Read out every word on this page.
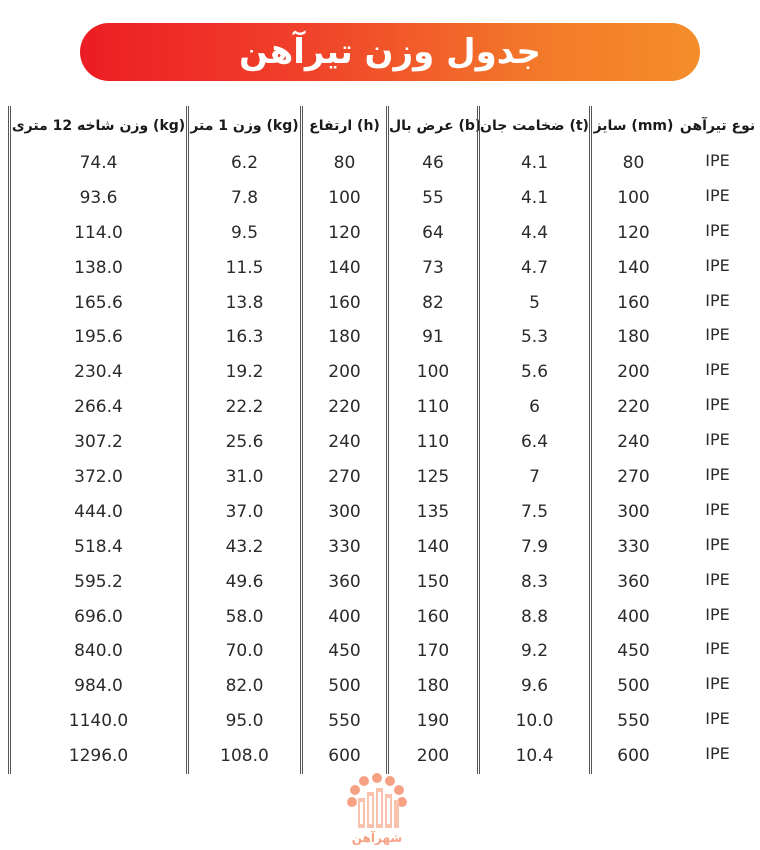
جدول وزن تیرآهن
نوع تیرآهن
IPE
IPE
IPE
IPE
IPE
IPE
IPE
IPE
IPE
IPE
IPE
IPE
IPE
IPE
IPE
IPE
IPE
IPE
سایز (mm)
80
100
120
140
160
180
200
220
240
270
300
330
360
400
450
500
550
600
ضخامت جان (t)
4.1
4.1
4.4
4.7
5
5.3
5.6
6
6.4
7
7.5
7.9
8.3
8.8
9.2
9.6
10.0
10.4
عرض بال (b)
46
55
64
73
82
91
100
110
110
125
135
140
150
160
170
180
190
200
ارتفاع (h)
80
100
120
140
160
180
200
220
240
270
300
330
360
400
450
500
550
600
وزن 1 متر (kg)
6.2
7.8
9.5
11.5
13.8
16.3
19.2
22.2
25.6
31.0
37.0
43.2
49.6
58.0
70.0
82.0
95.0
108.0
وزن شاخه 12 متری (kg)
74.4
93.6
114.0
138.0
165.6
195.6
230.4
266.4
307.2
372.0
444.0
518.4
595.2
696.0
840.0
984.0
1140.0
1296.0
شهرآهن
